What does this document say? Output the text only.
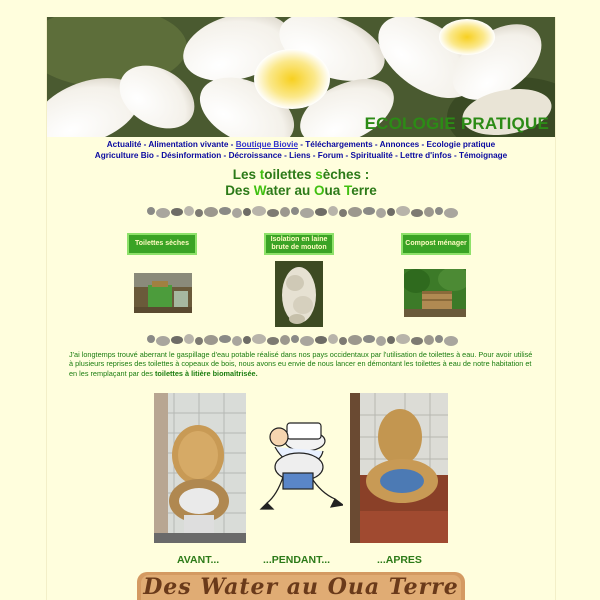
ECOLOGIE PRATIQUE
Actualité - Alimentation vivante - Boutique Biovie - Téléchargements - Annonces - Ecologie pratique
Agriculture Bio - Désinformation - Décroissance - Liens - Forum - Spiritualité - Lettre d'infos - Témoignage
Les toilettes sèches :
Des Water au Oua Terre
Toilettes sèches
Isolation en laine brute de mouton
Compost ménager
J'ai longtemps trouvé aberrant le gaspillage d'eau potable réalisé dans nos pays occidentaux par l'utilisation de toilettes à eau. Pour avoir utilisé à plusieurs reprises des toilettes à copeaux de bois, nous avons eu envie de nous lancer en démontant les toilettes à eau de notre habitation et en les remplaçant par des toilettes à litière biomaîtrisée.
AVANT...	...PENDANT...	...APRES
Des Water au Oua Terre
